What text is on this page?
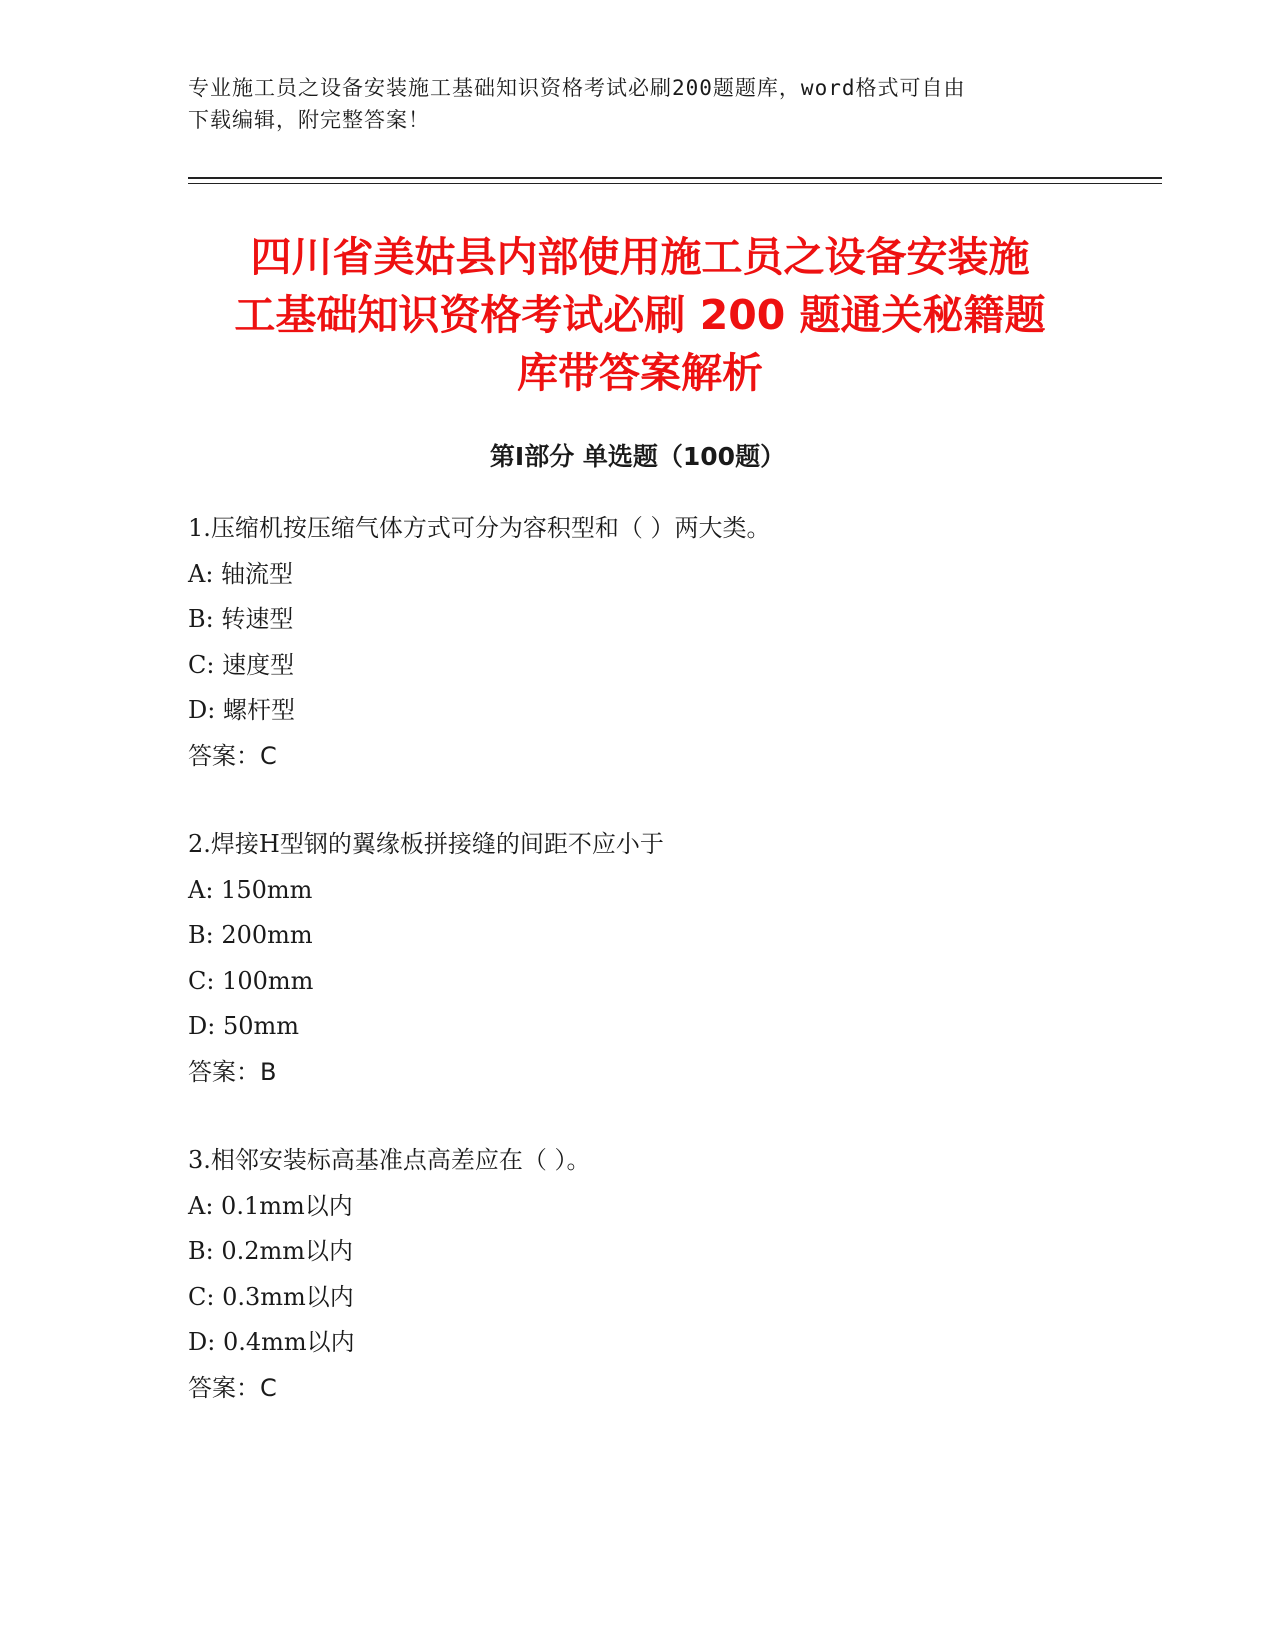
专业施工员之设备安装施工基础知识资格考试必刷200题题库，word格式可自由
下载编辑，附完整答案！
四川省美姑县内部使用施工员之设备安装施
工基础知识资格考试必刷 200 题通关秘籍题
库带答案解析
第Ⅰ部分 单选题（100题）
1.压缩机按压缩气体方式可分为容积型和（ ）两大类。
A: 轴流型
B: 转速型
C: 速度型
D: 螺杆型
答案：C
2.焊接H型钢的翼缘板拼接缝的间距不应小于
A: 150mm
B: 200mm
C: 100mm
D: 50mm
答案：B
3.相邻安装标高基准点高差应在（ ）。
A: 0.1mm以内
B: 0.2mm以内
C: 0.3mm以内
D: 0.4mm以内
答案：C
